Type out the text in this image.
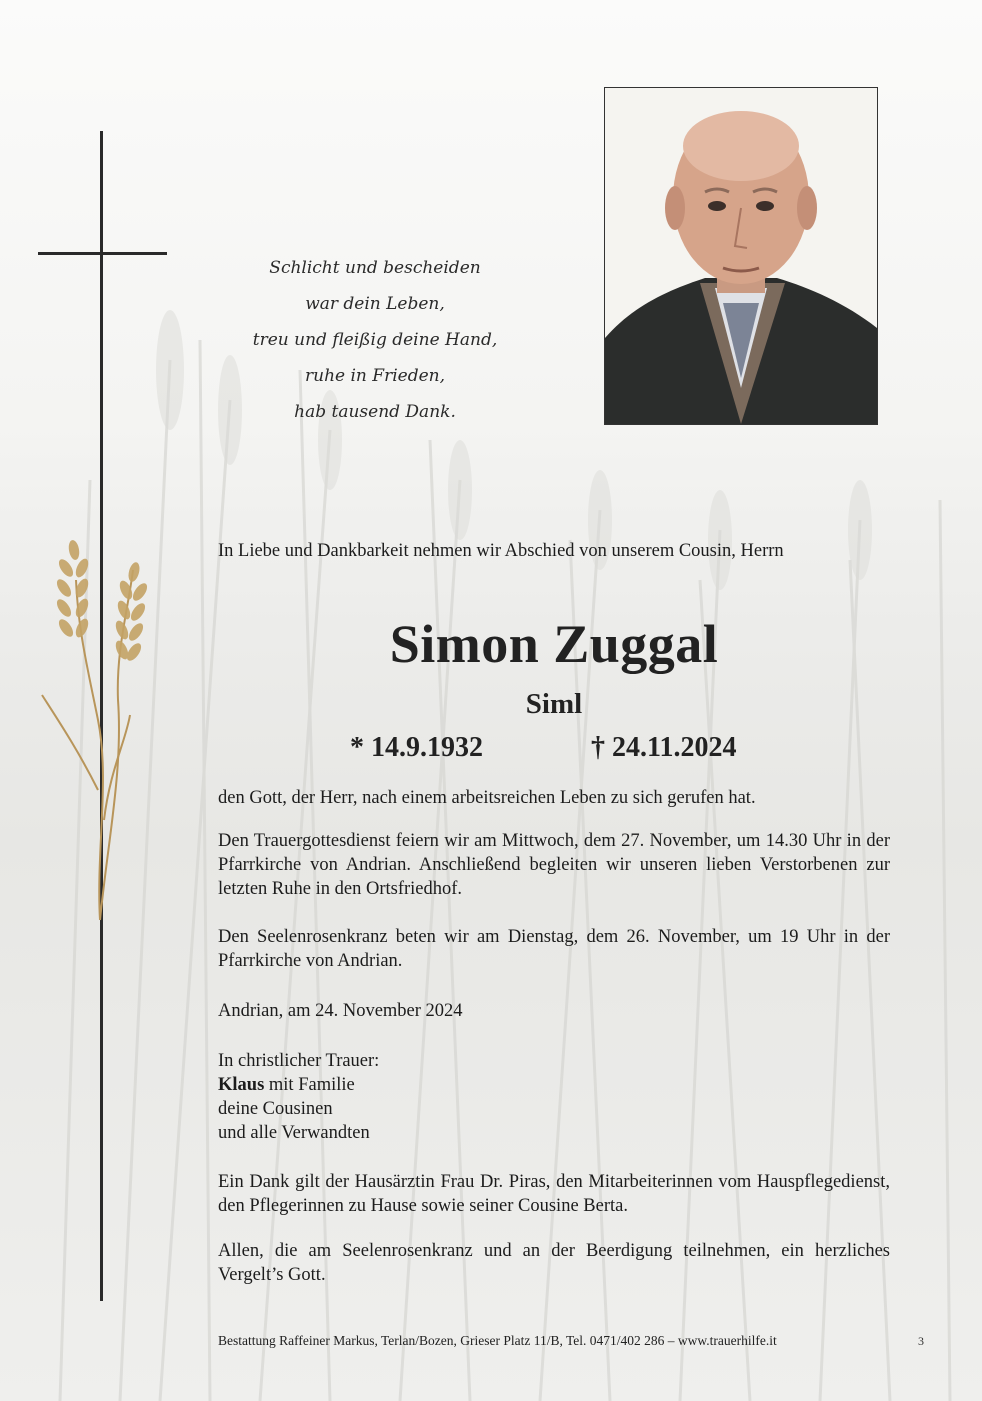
Schlicht und bescheiden
war dein Leben,
treu und fleißig deine Hand,
ruhe in Frieden,
hab tausend Dank.
In Liebe und Dankbarkeit nehmen wir Abschied von unserem Cousin, Herrn
Simon Zuggal
Siml
* 14.9.1932	† 24.11.2024
den Gott, der Herr, nach einem arbeitsreichen Leben zu sich gerufen hat.
Den Trauergottesdienst feiern wir am Mittwoch, dem 27. November, um 14.30 Uhr in der Pfarrkirche von Andrian. Anschließend begleiten wir unseren lieben Verstorbenen zur letzten Ruhe in den Ortsfriedhof.
Den Seelenrosenkranz beten wir am Dienstag, dem 26. November, um 19 Uhr in der Pfarrkirche von Andrian.
Andrian, am 24. November 2024
In christlicher Trauer:
Klaus mit Familie
deine Cousinen
und alle Verwandten
Ein Dank gilt der Hausärztin Frau Dr. Piras, den Mitarbeiterinnen vom Hauspflegedienst, den Pflegerinnen zu Hause sowie seiner Cousine Berta.
Allen, die am Seelenrosenkranz und an der Beerdigung teilnehmen, ein herzliches Vergelt’s Gott.
Bestattung Raffeiner Markus, Terlan/Bozen, Grieser Platz 11/B, Tel. 0471/402 286 – www.trauerhilfe.it	3
